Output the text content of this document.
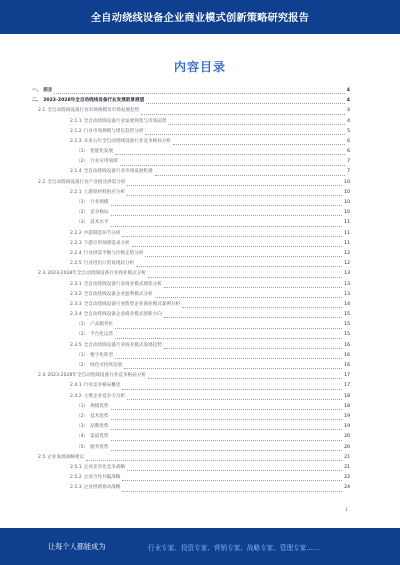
全自动绕线设备企业商业模式创新策略研究报告
内容目录
一、 前言	4
二、 2023-2028年全自动绕线设备行业发展前景展望	4
2.1 全自动绕线设备行业市场规模及市场发展趋势	4
2.1.1 全自动绕线设备行业发展现状与市场前景	4
2.1.2 行业市场规模与增长趋势分析	5
2.1.3 未来五年全自动绕线设备行业竞争格局分析	6
（1） 智能化发展	6
（2） 行业应用领域	7
2.1.4 全自动绕线设备行业市场发展机遇	7
2.2 全自动绕线设备行业产业链及供需分析	10
2.2.1 上游原材料供应分析	10
（1） 行业规模	10
（2） 竞争格局	10
（3） 技术水平	11
2.2.2 中游制造环节分析	11
2.2.3 下游应用领域需求分析	11
2.2.4 行业供需平衡与价格走势分析	12
2.2.5 行业进出口贸易现状分析	12
2.3 2023-2028年全自动绕线设备行业商业模式分析	13
2.3.1 全自动绕线设备行业商业模式现状分析	13
2.3.2 全自动绕线设备企业盈利模式分析	13
2.3.3 全自动绕线设备行业典型企业商业模式案例分析	14
2.3.4 全自动绕线设备企业商业模式创新方向	15
（1） 产品服务化	15
（2） 平台化运营	15
2.3.5 全自动绕线设备行业商业模式发展趋势	16
（1） 数字化转型	16
（2） 绿色可持续发展	16
2.4 2023-2028年全自动绕线设备行业竞争格局分析	17
2.4.1 行业竞争格局概述	17
2.4.2 主要企业竞争力分析	18
（1） 规模优势	18
（2） 技术优势	19
（3） 品牌优势	19
（4） 渠道优势	20
（5） 服务优势	20
2.5 企业发展战略建议	21
2.5.1 企业差异化竞争战略	21
2.5.2 企业合作共赢战略	22
2.5.3 企业创新驱动战略	24
1
让每个人都能成为	行业专家、投资专家、营销专家、战略专家、管理专家……
